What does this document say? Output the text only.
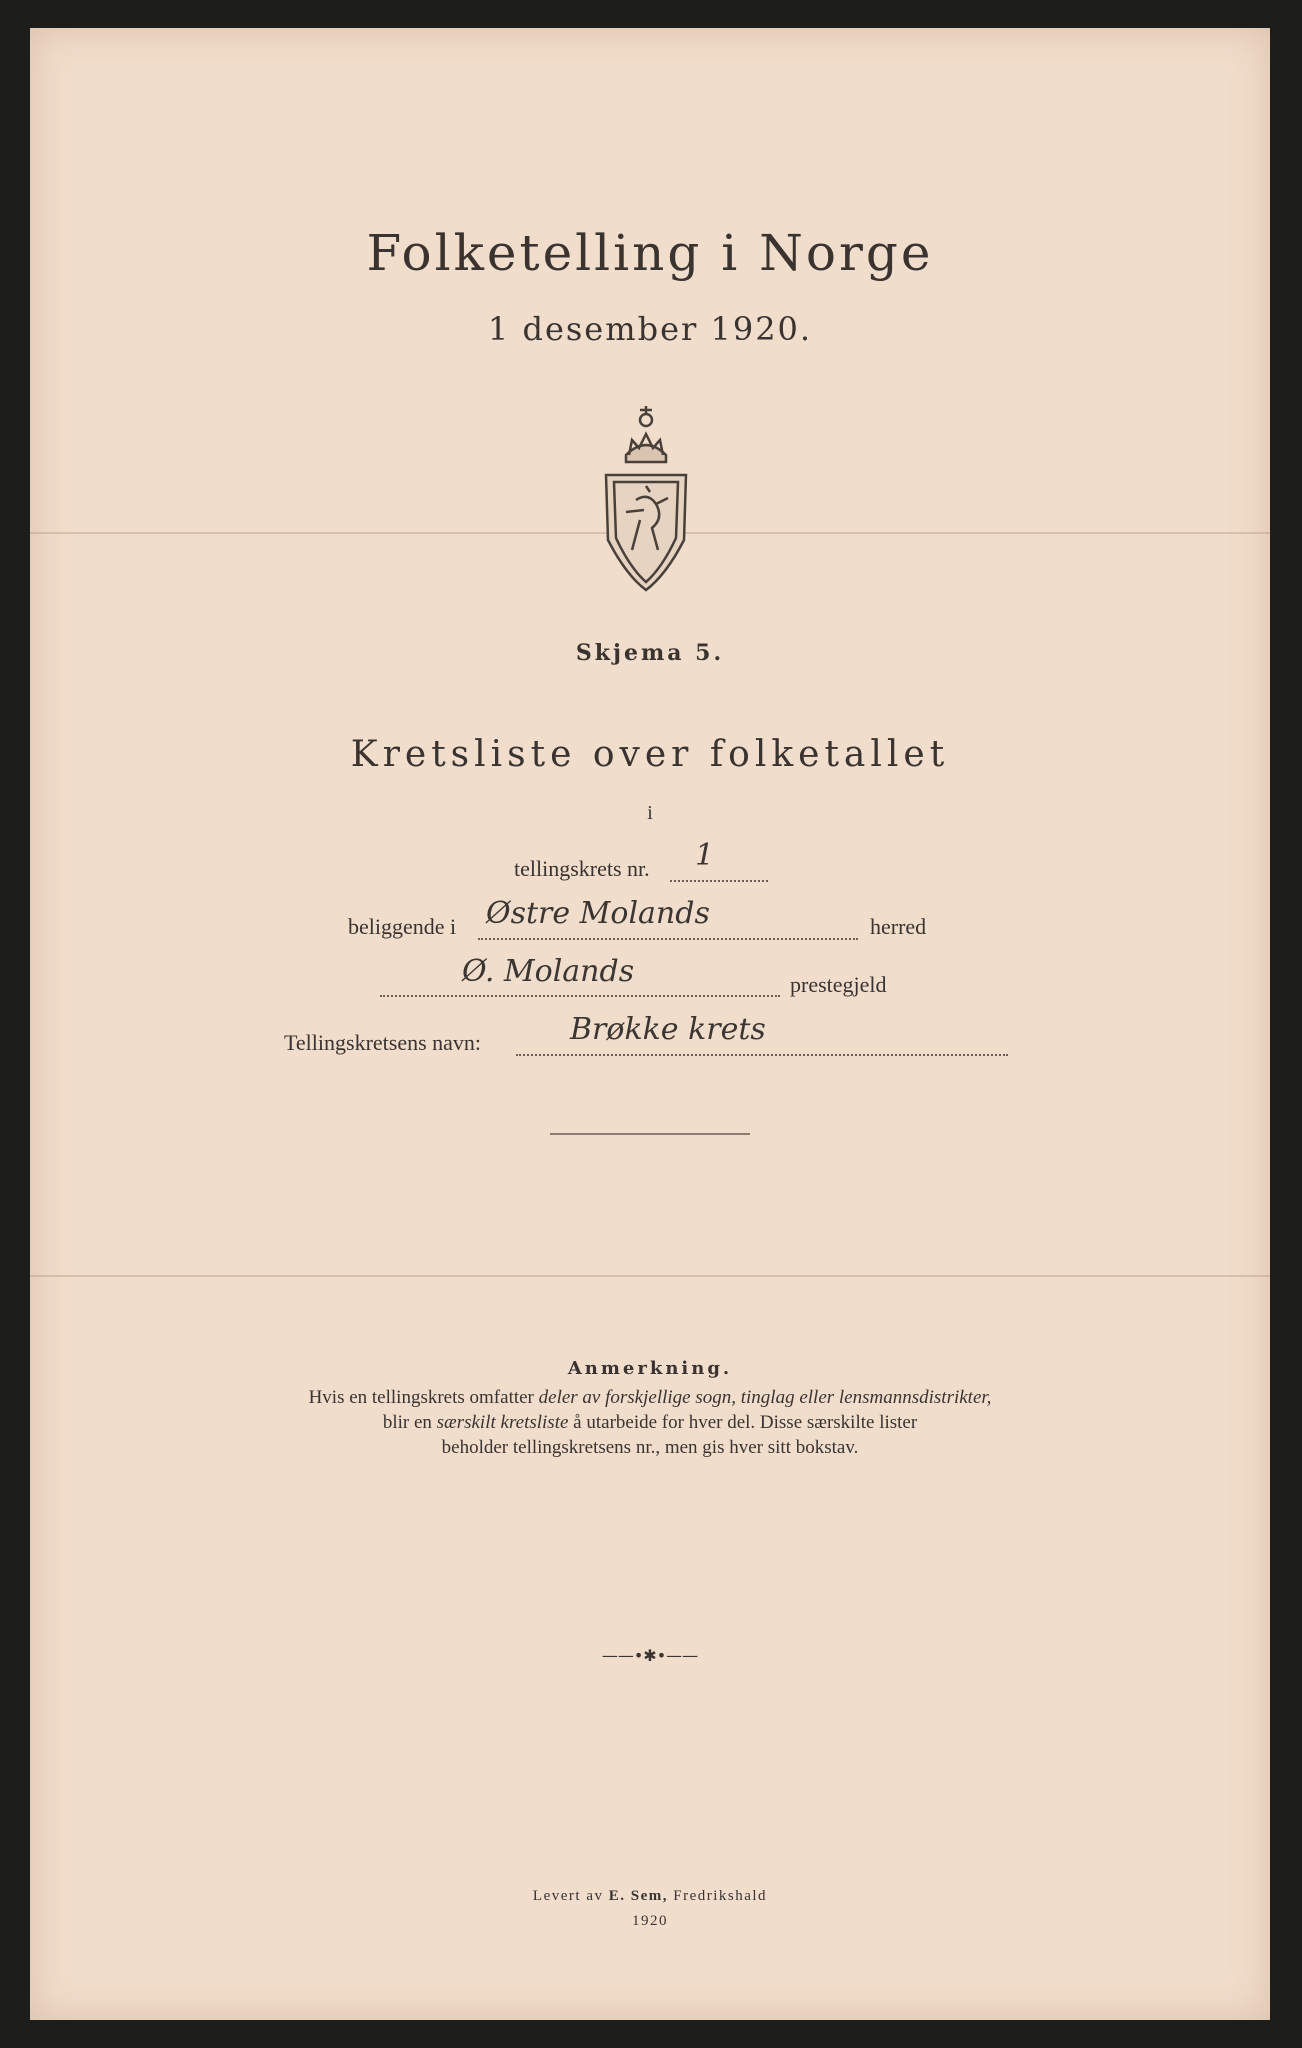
Folketelling i Norge
1 desember 1920.
Skjema 5.
Kretsliste over folketallet
i
tellingskrets nr. 1
beliggende i Østre Molands	herred
Ø. Molands	prestegjeld
Tellingskretsens navn:	Brøkke krets
Anmerkning.
Hvis en tellingskrets omfatter deler av forskjellige sogn, tinglag eller lensmannsdistrikter,
blir en særskilt kretsliste å utarbeide for hver del. Disse særskilte lister
beholder tellingskretsens nr., men gis hver sitt bokstav.
——•✱•——
Levert av E. Sem, Fredrikshald
1920
